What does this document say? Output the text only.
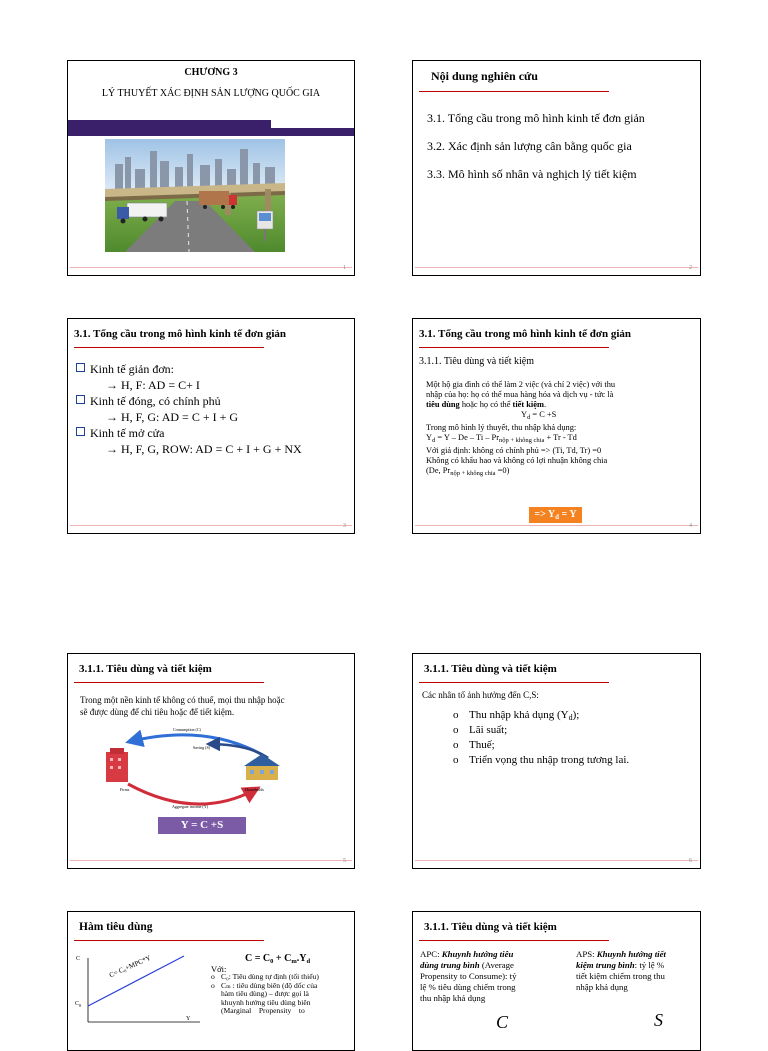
CHƯƠNG 3
LÝ THUYẾT XÁC ĐỊNH SẢN LƯỢNG QUỐC GIA
1
Nội dung nghiên cứu
3.1. Tổng cầu trong mô hình kinh tế đơn giản
3.2. Xác định sản lượng cân bằng quốc gia
3.3. Mô hình số nhân và nghịch lý tiết kiệm
2
3.1. Tổng cầu trong mô hình kinh tế đơn giản
Kinh tế giản đơn:
→ H, F: AD = C+ I
Kinh tế đóng, có chính phủ
→ H, F, G: AD = C + I + G
Kinh tế mở cửa
→ H, F, G, ROW: AD = C + I + G + NX
3
3.1. Tổng cầu trong mô hình kinh tế đơn giản
3.1.1. Tiêu dùng và tiết kiệm
Một hộ gia đình có thể làm 2 việc (và chỉ 2 việc) với thu
nhập của họ: họ có thể mua hàng hóa và dịch vụ - tức là
tiêu dùng hoặc họ có thể tiết kiệm.
$Y_d = C +S$
Trong mô hình lý thuyết, thu nhập khả dụng:
$Y_d = Y - De - Ti - Pr_{nộp + không chia} + Tr - Td$
Với giả định: không có chính phủ => (Ti, Td, Tr) =0
Không có khấu hao và không có lợi nhuận không chia
(De, $Pr_{nộp + không chia} =0$)
=> $Y_d = Y$
4
3.1.1. Tiêu dùng và tiết kiệm
Trong một nền kinh tế không có thuế, mọi thu nhập hoặc
sẽ được dùng để chi tiêu hoặc để tiết kiệm.
Consumption (C)
Saving (S)
Firms	Households
Aggregate income (Y)
Y = C +S
5
3.1.1. Tiêu dùng và tiết kiệm
Các nhân tố ảnh hưởng đến C,S:
o Thu nhập khả dụng $(Y_d)$;
o Lãi suất;
o Thuế;
o Triển vọng thu nhập trong tương lai.
6
Hàm tiêu dùng
C
$C_0$
Y
C= C₀+MPC*Y	$C = C_0 + C_m.Y_d$
Với:
o C₀: Tiêu dùng tự định (tối thiểu)
o Cₘ : tiêu dùng biên (độ dốc của
hàm tiêu dùng) – được gọi là
khuynh hướng tiêu dùng biên
(Marginal    Propensity    to
3.1.1. Tiêu dùng và tiết kiệm
APC: Khuynh hướng tiêu
dùng trung bình (Average
Propensity to Consume): tỷ
lệ % tiêu dùng chiếm trong
thu nhập khả dụng
APS: Khuynh hướng tiết
kiệm trung bình: tỷ lệ %
tiết kiệm chiếm trong thu
nhập khả dụng
C	S
